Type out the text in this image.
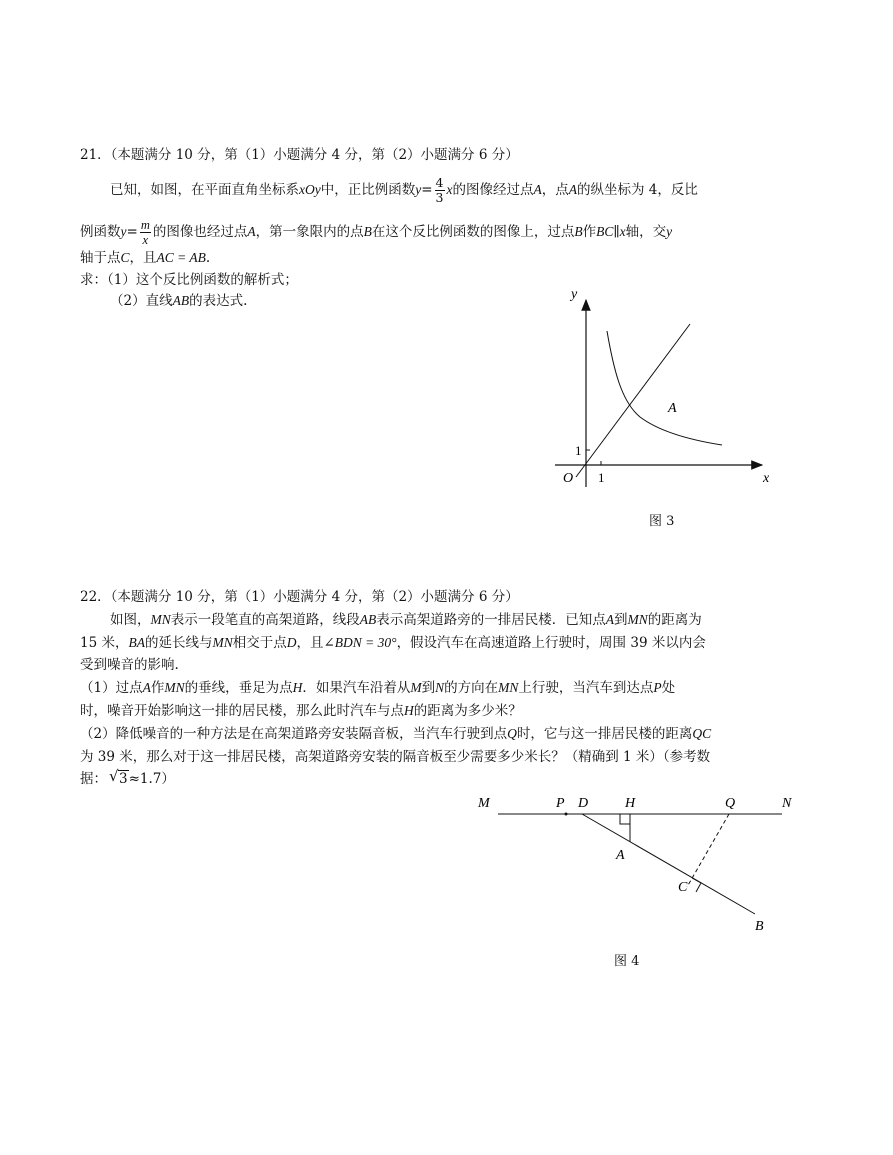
21．（本题满分 10 分，第（1）小题满分 4 分，第（2）小题满分 6 分）
已知，如图，在平面直角坐标系xOy中，正比例函数$y= \frac{4}{3}$ x的图像经过点A，点A的纵坐标为 4，反比
例函数$y= \frac{m}{x}$ 的图像也经过点A，第一象限内的点B在这个反比例函数的图像上，过点B作BC∥x轴，交y
轴于点C，且AC = AB.
求：（1）这个反比例函数的解析式；
（2）直线AB的表达式.	y
x
O
1
1
A
图 3
22．（本题满分 10 分，第（1）小题满分 4 分，第（2）小题满分 6 分）
如图，MN表示一段笔直的高架道路，线段AB表示高架道路旁的一排居民楼．已知点A到MN的距离为
15 米，BA的延长线与MN相交于点D，且∠BDN = 30°，假设汽车在高速道路上行驶时，周围 39 米以内会
受到噪音的影响.
（1）过点A作MN的垂线，垂足为点H．如果汽车沿着从M到N的方向在MN上行驶，当汽车到达点P处
时，噪音开始影响这一排的居民楼，那么此时汽车与点H的距离为多少米？
（2）降低噪音的一种方法是在高架道路旁安装隔音板，当汽车行驶到点Q时，它与这一排居民楼的距离QC
为 39 米，那么对于这一排居民楼，高架道路旁安装的隔音板至少需要多少米长？（精确到 1 米）（参考数
据： √ 3≈1.7）
M	P D	H	Q	N
A
C
B
图 4
